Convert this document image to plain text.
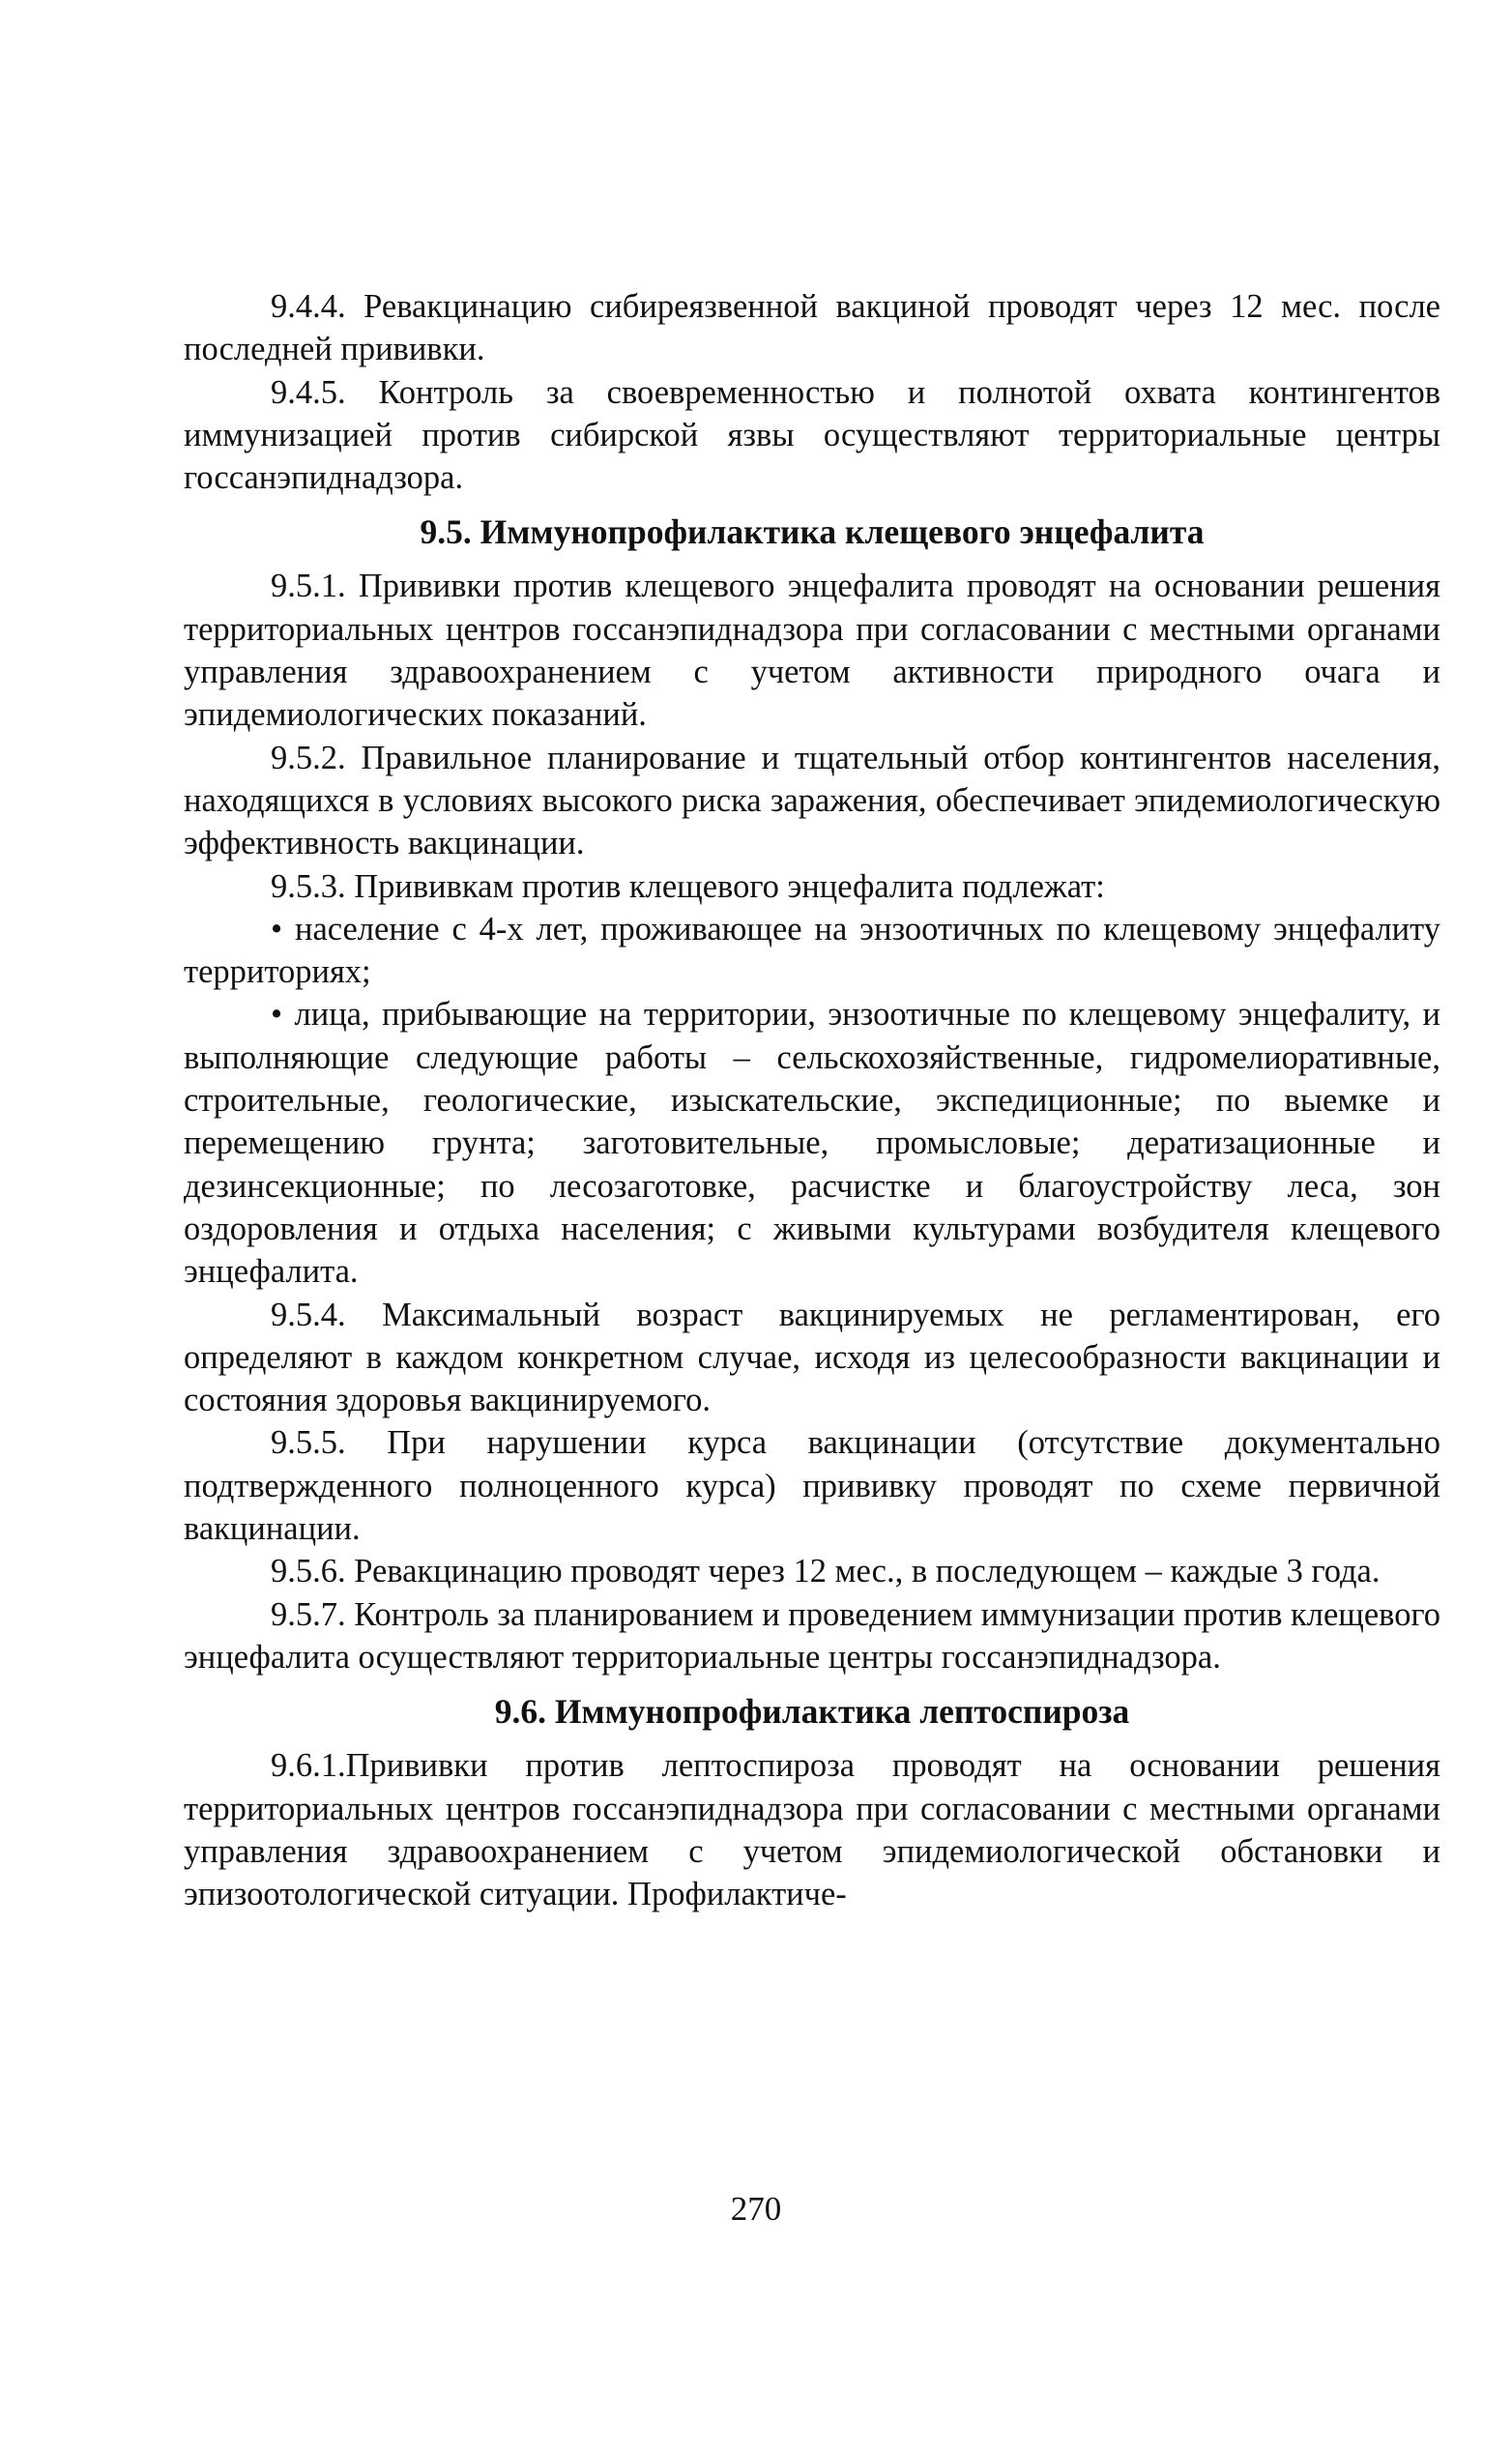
9.4.4. Ревакцинацию сибиреязвенной вакциной проводят через 12 мес. после последней прививки.

9.4.5. Контроль за своевременностью и полнотой охвата контингентов иммунизацией против сибирской язвы осуществляют территориальные центры госсанэпиднадзора.

9.5. Иммунопрофилактика клещевого энцефалита

9.5.1. Прививки против клещевого энцефалита проводят на основании решения территориальных центров госсанэпиднадзора при согласовании с местными органами управления здравоохранением с учетом активности природного очага и эпидемиологических показаний.

9.5.2. Правильное планирование и тщательный отбор контингентов населения, находящихся в условиях высокого риска заражения, обеспечивает эпидемиологическую эффективность вакцинации.

9.5.3. Прививкам против клещевого энцефалита подлежат:

• население с 4-х лет, проживающее на энзоотичных по клещевому энцефалиту территориях;

• лица, прибывающие на территории, энзоотичные по клещевому энцефалиту, и выполняющие следующие работы – сельскохозяйственные, гидромелиоративные, строительные, геологические, изыскательские, экспедиционные; по выемке и перемещению грунта; заготовительные, промысловые; дератизационные и дезинсекционные; по лесозаготовке, расчистке и благоустройству леса, зон оздоровления и отдыха населения; с живыми культурами возбудителя клещевого энцефалита.

9.5.4. Максимальный возраст вакцинируемых не регламентирован, его определяют в каждом конкретном случае, исходя из целесообразности вакцинации и состояния здоровья вакцинируемого.

9.5.5. При нарушении курса вакцинации (отсутствие документально подтвержденного полноценного курса) прививку проводят по схеме первичной вакцинации.

9.5.6. Ревакцинацию проводят через 12 мес., в последующем – каждые 3 года.

9.5.7. Контроль за планированием и проведением иммунизации против клещевого энцефалита осуществляют территориальные центры госсанэпиднадзора.

9.6. Иммунопрофилактика лептоспироза

9.6.1.Прививки против лептоспироза проводят на основании решения территориальных центров госсанэпиднадзора при согласовании с местными органами управления здравоохранением с учетом эпидемиологической обстановки и эпизоотологической ситуации. Профилактиче-

270
